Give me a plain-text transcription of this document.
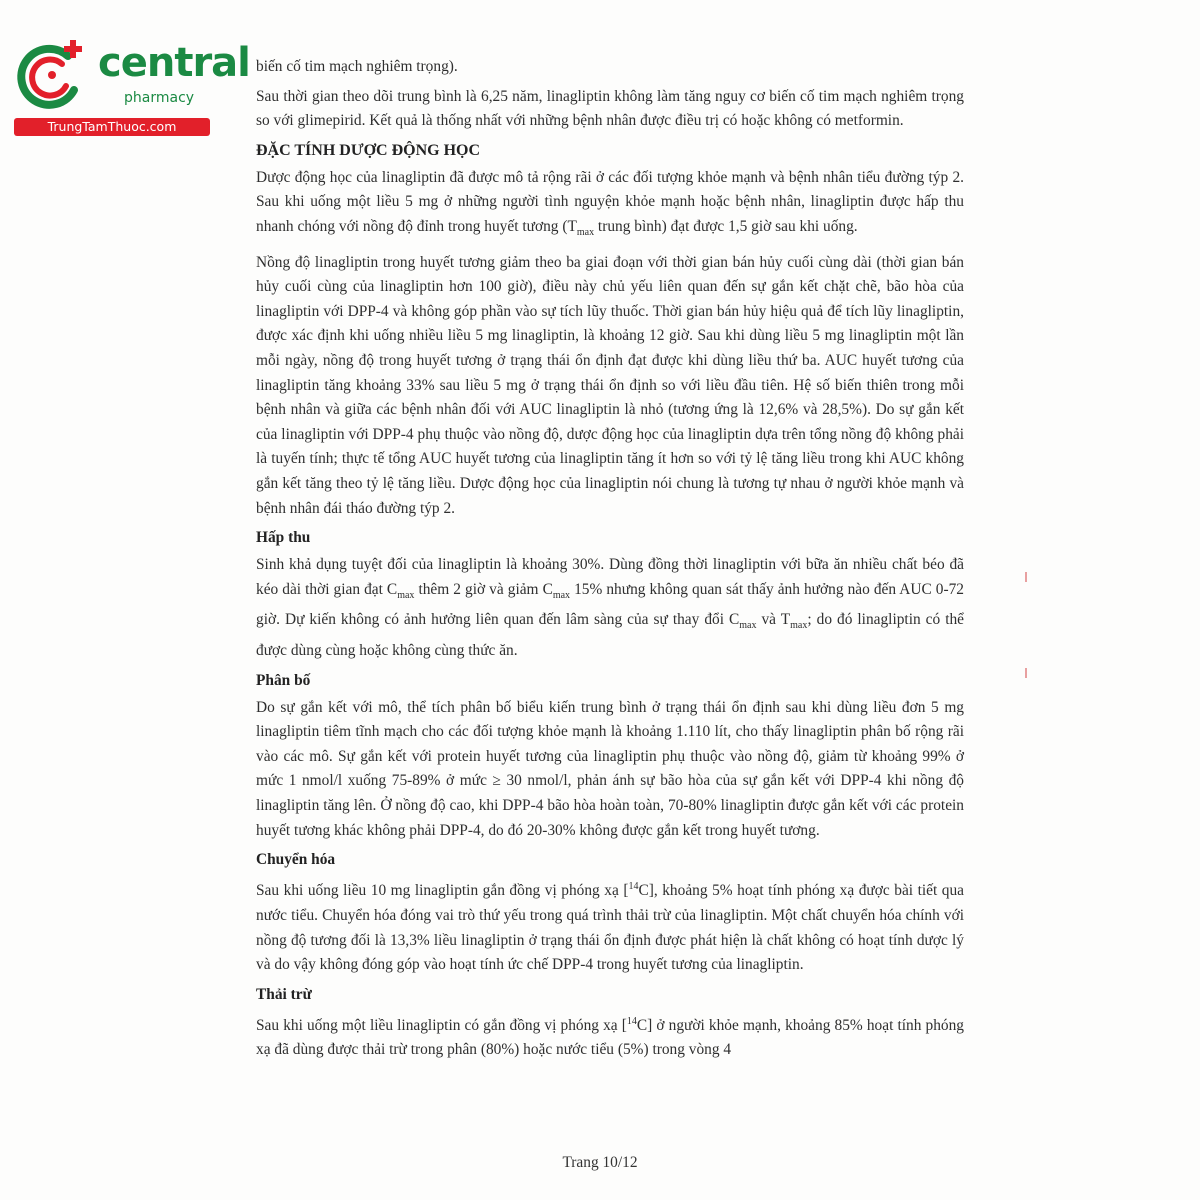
central
pharmacy
TrungTamThuoc.com

biến cố tim mạch nghiêm trọng).

Sau thời gian theo dõi trung bình là 6,25 năm, linagliptin không làm tăng nguy cơ biến cố tim mạch nghiêm trọng so với glimepirid. Kết quả là thống nhất với những bệnh nhân được điều trị có hoặc không có metformin.

ĐẶC TÍNH DƯỢC ĐỘNG HỌC

Dược động học của linagliptin đã được mô tả rộng rãi ở các đối tượng khỏe mạnh và bệnh nhân tiểu đường týp 2. Sau khi uống một liều 5 mg ở những người tình nguyện khỏe mạnh hoặc bệnh nhân, linagliptin được hấp thu nhanh chóng với nồng độ đỉnh trong huyết tương ($T_{max}$ trung bình) đạt được 1,5 giờ sau khi uống.

Nồng độ linagliptin trong huyết tương giảm theo ba giai đoạn với thời gian bán hủy cuối cùng dài (thời gian bán hủy cuối cùng của linagliptin hơn 100 giờ), điều này chủ yếu liên quan đến sự gắn kết chặt chẽ, bão hòa của linagliptin với DPP-4 và không góp phần vào sự tích lũy thuốc. Thời gian bán hủy hiệu quả để tích lũy linagliptin, được xác định khi uống nhiều liều 5 mg linagliptin, là khoảng 12 giờ. Sau khi dùng liều 5 mg linagliptin một lần mỗi ngày, nồng độ trong huyết tương ở trạng thái ổn định đạt được khi dùng liều thứ ba. AUC huyết tương của linagliptin tăng khoảng 33% sau liều 5 mg ở trạng thái ổn định so với liều đầu tiên. Hệ số biến thiên trong mỗi bệnh nhân và giữa các bệnh nhân đối với AUC linagliptin là nhỏ (tương ứng là 12,6% và 28,5%). Do sự gắn kết của linagliptin với DPP-4 phụ thuộc vào nồng độ, dược động học của linagliptin dựa trên tổng nồng độ không phải là tuyến tính; thực tế tổng AUC huyết tương của linagliptin tăng ít hơn so với tỷ lệ tăng liều trong khi AUC không gắn kết tăng theo tỷ lệ tăng liều. Dược động học của linagliptin nói chung là tương tự nhau ở người khỏe mạnh và bệnh nhân đái tháo đường týp 2.

Hấp thu

Sinh khả dụng tuyệt đối của linagliptin là khoảng 30%. Dùng đồng thời linagliptin với bữa ăn nhiều chất béo đã kéo dài thời gian đạt $C_{max}$ thêm 2 giờ và giảm $C_{max}$ 15% nhưng không quan sát thấy ảnh hưởng nào đến AUC 0-72 giờ. Dự kiến không có ảnh hưởng liên quan đến lâm sàng của sự thay đổi $C_{max}$ và $T_{max}$; do đó linagliptin có thể được dùng cùng hoặc không cùng thức ăn.

Phân bố

Do sự gắn kết với mô, thể tích phân bố biểu kiến trung bình ở trạng thái ổn định sau khi dùng liều đơn 5 mg linagliptin tiêm tĩnh mạch cho các đối tượng khỏe mạnh là khoảng 1.110 lít, cho thấy linagliptin phân bố rộng rãi vào các mô. Sự gắn kết với protein huyết tương của linagliptin phụ thuộc vào nồng độ, giảm từ khoảng 99% ở mức 1 nmol/l xuống 75-89% ở mức ≥ 30 nmol/l, phản ánh sự bão hòa của sự gắn kết với DPP-4 khi nồng độ linagliptin tăng lên. Ở nồng độ cao, khi DPP-4 bão hòa hoàn toàn, 70-80% linagliptin được gắn kết với các protein huyết tương khác không phải DPP-4, do đó 20-30% không được gắn kết trong huyết tương.

Chuyển hóa

Sau khi uống liều 10 mg linagliptin gắn đồng vị phóng xạ [$^{14}$C], khoảng 5% hoạt tính phóng xạ được bài tiết qua nước tiểu. Chuyển hóa đóng vai trò thứ yếu trong quá trình thải trừ của linagliptin. Một chất chuyển hóa chính với nồng độ tương đối là 13,3% liều linagliptin ở trạng thái ổn định được phát hiện là chất không có hoạt tính dược lý và do vậy không đóng góp vào hoạt tính ức chế DPP-4 trong huyết tương của linagliptin.

Thải trừ

Sau khi uống một liều linagliptin có gắn đồng vị phóng xạ [$^{14}$C] ở người khỏe mạnh, khoảng 85% hoạt tính phóng xạ đã dùng được thải trừ trong phân (80%) hoặc nước tiểu (5%) trong vòng 4

Trang 10/12
